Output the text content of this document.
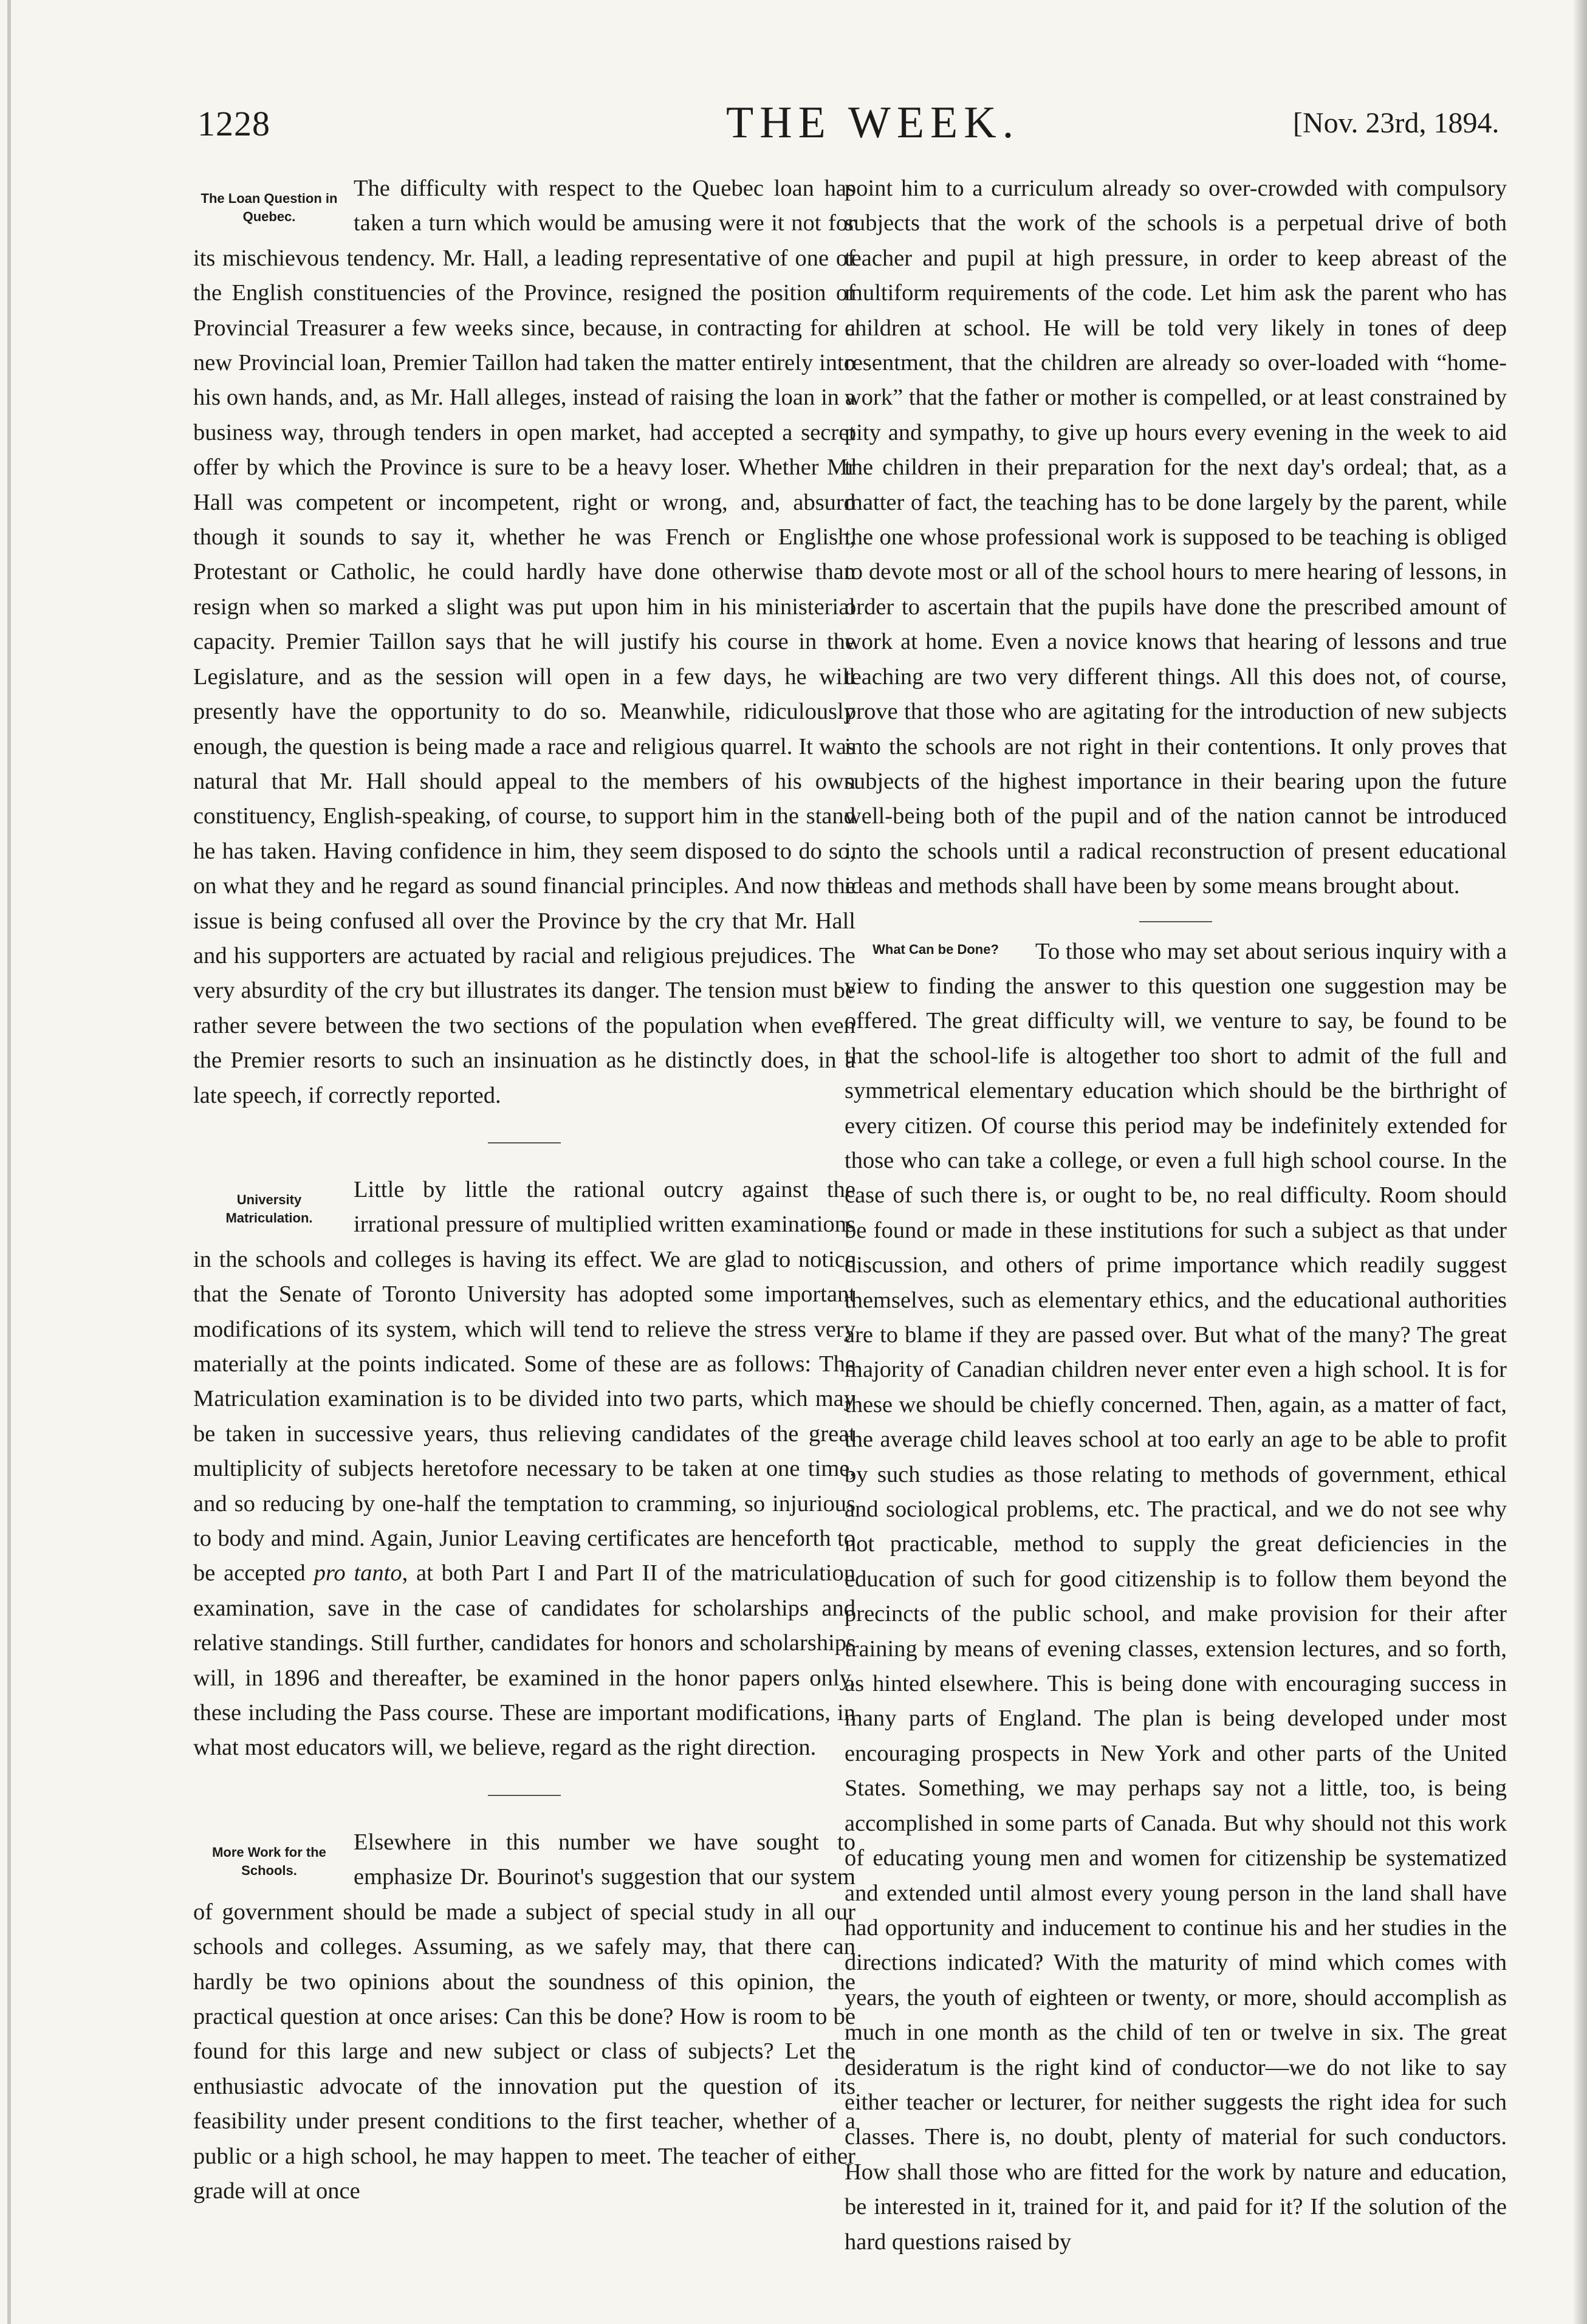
1228	THE WEEK.	[Nov. 23rd, 1894.
The Loan Question in Quebec.

The difficulty with respect to the Quebec loan has taken a turn which would be amusing were it not for its mischievous tendency. Mr. Hall, a leading representative of one of the English constituencies of the Province, resigned the position of Provincial Treasurer a few weeks since, because, in contracting for a new Provincial loan, Premier Taillon had taken the matter entirely into his own hands, and, as Mr. Hall alleges, instead of raising the loan in a business way, through tenders in open market, had accepted a secret offer by which the Province is sure to be a heavy loser. Whether Mr Hall was competent or incompetent, right or wrong, and, absurd though it sounds to say it, whether he was French or English, Protestant or Catholic, he could hardly have done otherwise than resign when so marked a slight was put upon him in his ministerial capacity. Premier Taillon says that he will justify his course in the Legislature, and as the session will open in a few days, he will presently have the opportunity to do so. Meanwhile, ridiculously enough, the question is being made a race and religious quarrel. It was natural that Mr. Hall should appeal to the members of his own constituency, English-speaking, of course, to support him in the stand he has taken. Having confidence in him, they seem disposed to do so, on what they and he regard as sound financial principles. And now the issue is being confused all over the Province by the cry that Mr. Hall and his supporters are actuated by racial and religious prejudices. The very absurdity of the cry but illustrates its danger. The tension must be rather severe between the two sections of the population when even the Premier resorts to such an insinuation as he distinctly does, in a late speech, if correctly reported.

University Matriculation.

Little by little the rational outcry against the irrational pressure of multiplied written examinations in the schools and colleges is having its effect. We are glad to notice that the Senate of Toronto University has adopted some important modifications of its system, which will tend to relieve the stress very materially at the points indicated. Some of these are as follows: The Matriculation examination is to be divided into two parts, which may be taken in successive years, thus relieving candidates of the great multiplicity of subjects heretofore necessary to be taken at one time, and so reducing by one-half the temptation to cramming, so injurious to body and mind. Again, Junior Leaving certificates are henceforth to be accepted pro tanto, at both Part I and Part II of the matriculation examination, save in the case of candidates for scholarships and relative standings. Still further, candidates for honors and scholarships will, in 1896 and thereafter, be examined in the honor papers only, these including the Pass course. These are important modifications, in what most educators will, we believe, regard as the right direction.

More Work for the Schools.

Elsewhere in this number we have sought to emphasize Dr. Bourinot's suggestion that our system of government should be made a subject of special study in all our schools and colleges. Assuming, as we safely may, that there can hardly be two opinions about the soundness of this opinion, the practical question at once arises: Can this be done? How is room to be found for this large and new subject or class of subjects? Let the enthusiastic advocate of the innovation put the question of its feasibility under present conditions to the first teacher, whether of a public or a high school, he may happen to meet. The teacher of either grade will at once

point him to a curriculum already so over-crowded with compulsory subjects that the work of the schools is a perpetual drive of both teacher and pupil at high pressure, in order to keep abreast of the multiform requirements of the code. Let him ask the parent who has children at school. He will be told very likely in tones of deep resentment, that the children are already so over-loaded with “home-work” that the father or mother is compelled, or at least constrained by pity and sympathy, to give up hours every evening in the week to aid the children in their preparation for the next day's ordeal; that, as a matter of fact, the teaching has to be done largely by the parent, while the one whose professional work is supposed to be teaching is obliged to devote most or all of the school hours to mere hearing of lessons, in order to ascertain that the pupils have done the prescribed amount of work at home. Even a novice knows that hearing of lessons and true teaching are two very different things. All this does not, of course, prove that those who are agitating for the introduction of new subjects into the schools are not right in their contentions. It only proves that subjects of the highest importance in their bearing upon the future well-being both of the pupil and of the nation cannot be introduced into the schools until a radical reconstruction of present educational ideas and methods shall have been by some means brought about.

What Can be Done?	To those who may set about serious inquiry with a view to finding the answer to this question one suggestion may be offered. The great difficulty will, we venture to say, be found to be that the school-life is altogether too short to admit of the full and symmetrical elementary education which should be the birthright of every citizen. Of course this period may be indefinitely extended for those who can take a college, or even a full high school course. In the case of such there is, or ought to be, no real difficulty. Room should be found or made in these institutions for such a subject as that under discussion, and others of prime importance which readily suggest themselves, such as elementary ethics, and the educational authorities are to blame if they are passed over. But what of the many? The great majority of Canadian children never enter even a high school. It is for these we should be chiefly concerned. Then, again, as a matter of fact, the average child leaves school at too early an age to be able to profit by such studies as those relating to methods of government, ethical and sociological problems, etc. The practical, and we do not see why not practicable, method to supply the great deficiencies in the education of such for good citizenship is to follow them beyond the precincts of the public school, and make provision for their after training by means of evening classes, extension lectures, and so forth, as hinted elsewhere. This is being done with encouraging success in many parts of England. The plan is being developed under most encouraging prospects in New York and other parts of the United States. Something, we may perhaps say not a little, too, is being accomplished in some parts of Canada. But why should not this work of educating young men and women for citizenship be systematized and extended until almost every young person in the land shall have had opportunity and inducement to continue his and her studies in the directions indicated? With the maturity of mind which comes with years, the youth of eighteen or twenty, or more, should accomplish as much in one month as the child of ten or twelve in six. The great desideratum is the right kind of conductor—we do not like to say either teacher or lecturer, for neither suggests the right idea for such classes. There is, no doubt, plenty of material for such conductors. How shall those who are fitted for the work by nature and education, be interested in it, trained for it, and paid for it? If the solution of the hard questions raised by
